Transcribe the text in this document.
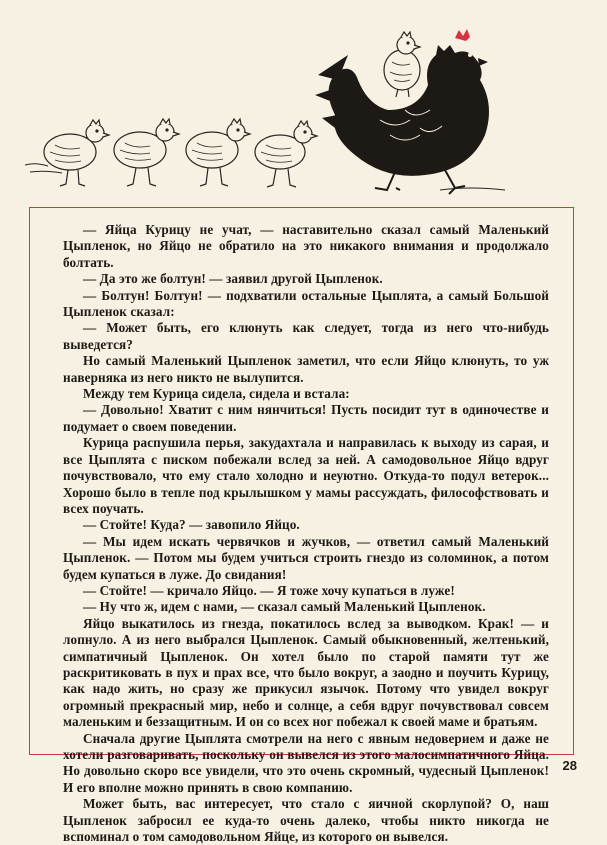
— Яйца Курицу не учат, — наставительно сказал самый Маленький Цыпленок, но Яйцо не обратило на это никакого внимания и продолжало болтать.

— Да это же болтун! — заявил другой Цыпленок.

— Болтун! Болтун! — подхватили остальные Цыплята, а самый Большой Цыпленок сказал:

— Может быть, его клюнуть как следует, тогда из него что-нибудь выведется?

Но самый Маленький Цыпленок заметил, что если Яйцо клюнуть, то уж наверняка из него никто не вылупится.

Между тем Курица сидела, сидела и встала:

— Довольно! Хватит с ним нянчиться! Пусть посидит тут в одиночестве и подумает о своем поведении.

Курица распушила перья, закудахтала и направилась к выходу из сарая, и все Цыплята с писком побежали вслед за ней. А самодовольное Яйцо вдруг почувствовало, что ему стало холодно и неуютно. Откуда-то подул ветерок... Хорошо было в тепле под крылышком у мамы рассуждать, философствовать и всех поучать.

— Стойте! Куда? — завопило Яйцо.

— Мы идем искать червячков и жучков, — ответил самый Маленький Цыпленок. — Потом мы будем учиться строить гнездо из соломинок, а потом будем купаться в луже. До свидания!

— Стойте! — кричало Яйцо. — Я тоже хочу купаться в луже!

— Ну что ж, идем с нами, — сказал самый Маленький Цыпленок.

Яйцо выкатилось из гнезда, покатилось вслед за выводком. Крак! — и лопнуло. А из него выбрался Цыпленок. Самый обыкновенный, желтенький, симпатичный Цыпленок. Он хотел было по старой памяти тут же раскритиковать в пух и прах все, что было вокруг, а заодно и поучить Курицу, как надо жить, но сразу же прикусил язычок. Потому что увидел вокруг огромный прекрасный мир, небо и солнце, а себя вдруг почувствовал совсем маленьким и беззащитным. И он со всех ног побежал к своей маме и братьям.

Сначала другие Цыплята смотрели на него с явным недоверием и даже не хотели разговаривать, поскольку он вывелся из этого малосимпатичного Яйца. Но довольно скоро все увидели, что это очень скромный, чудесный Цыпленок! И его вполне можно принять в свою компанию.

Может быть, вас интересует, что стало с яичной скорлупой? О, наш Цыпленок забросил ее куда-то очень далеко, чтобы никто никогда не вспоминал о том самодовольном Яйце, из которого он вывелся.

28
